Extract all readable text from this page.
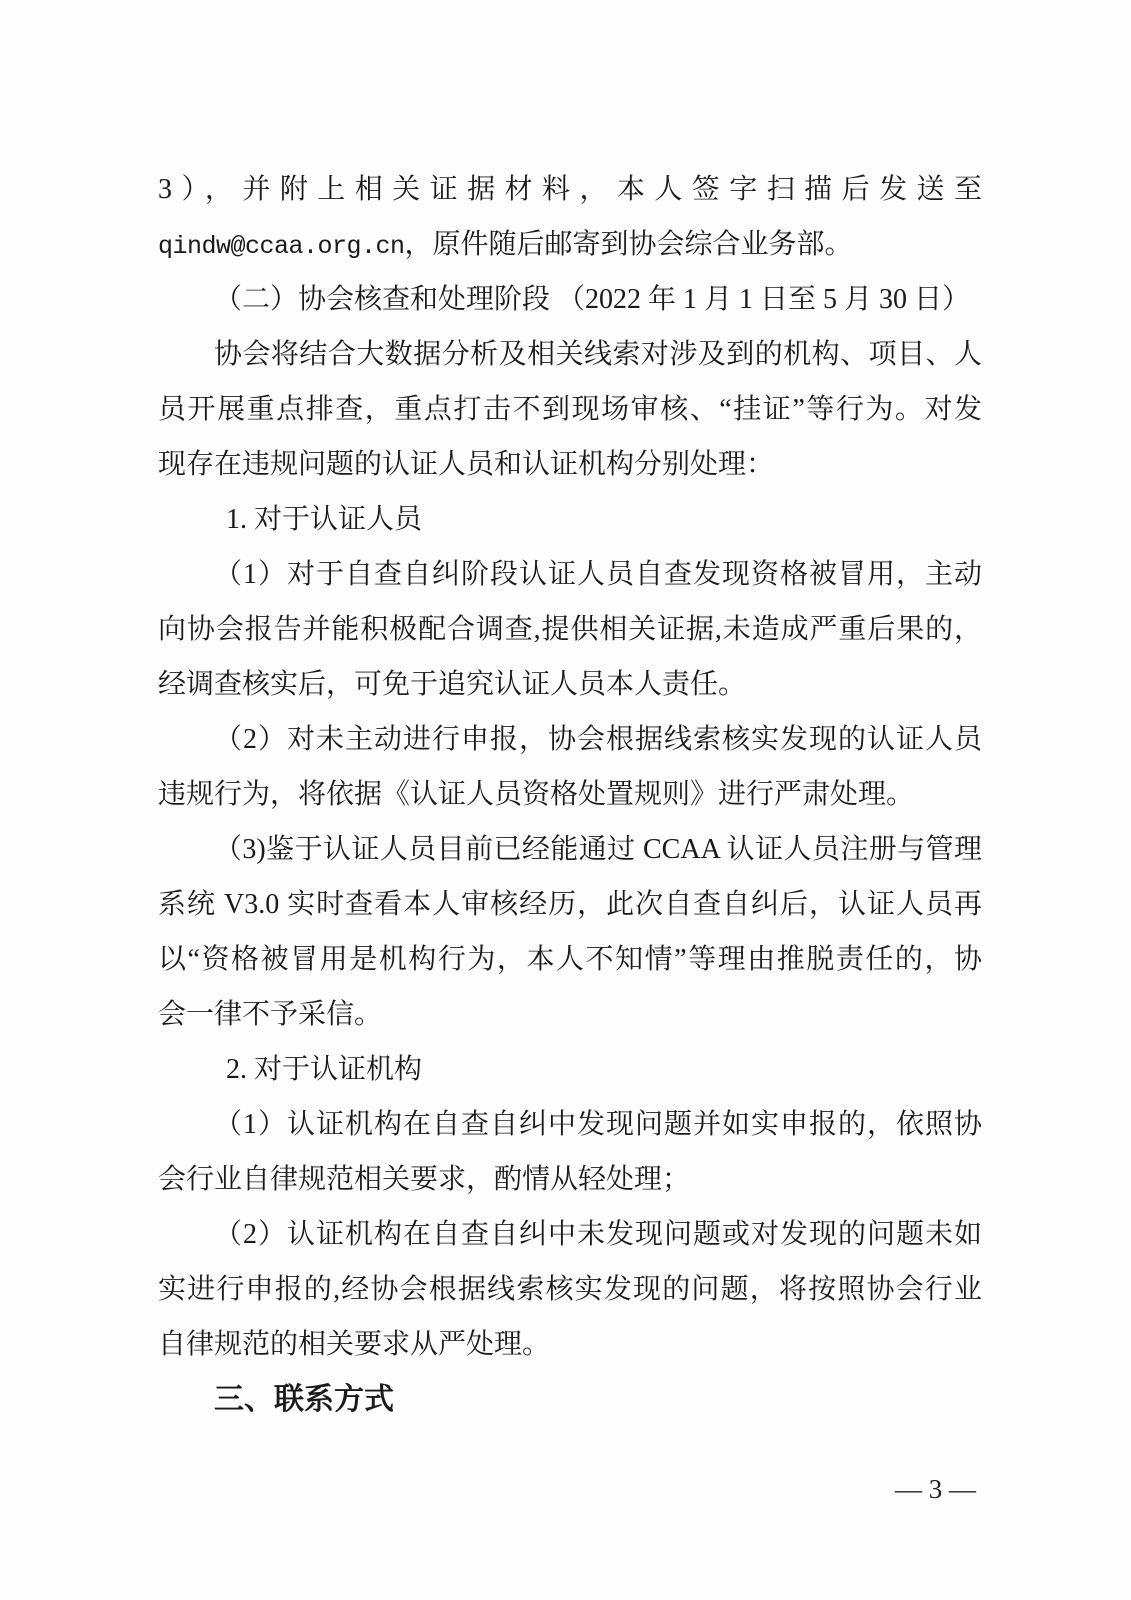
3），并附上相关证据材料，本人签字扫描后发送至
qindw@ccaa.org.cn，原件随后邮寄到协会综合业务部。
（二）协会核查和处理阶段 （2022 年 1 月 1 日至 5 月 30 日）
协会将结合大数据分析及相关线索对涉及到的机构、项目、人
员开展重点排查，重点打击不到现场审核、“挂证”等行为。对发
现存在违规问题的认证人员和认证机构分别处理：
1. 对于认证人员
（1）对于自查自纠阶段认证人员自查发现资格被冒用，主动
向协会报告并能积极配合调查,提供相关证据,未造成严重后果的，
经调查核实后，可免于追究认证人员本人责任。
（2）对未主动进行申报，协会根据线索核实发现的认证人员
违规行为，将依据《认证人员资格处置规则》进行严肃处理。
（3)鉴于认证人员目前已经能通过 CCAA 认证人员注册与管理
系统 V3.0 实时查看本人审核经历，此次自查自纠后，认证人员再
以“资格被冒用是机构行为，本人不知情”等理由推脱责任的，协
会一律不予采信。
2. 对于认证机构
（1）认证机构在自查自纠中发现问题并如实申报的，依照协
会行业自律规范相关要求，酌情从轻处理；
（2）认证机构在自查自纠中未发现问题或对发现的问题未如
实进行申报的,经协会根据线索核实发现的问题，将按照协会行业
自律规范的相关要求从严处理。
三、联系方式
— 3 —
